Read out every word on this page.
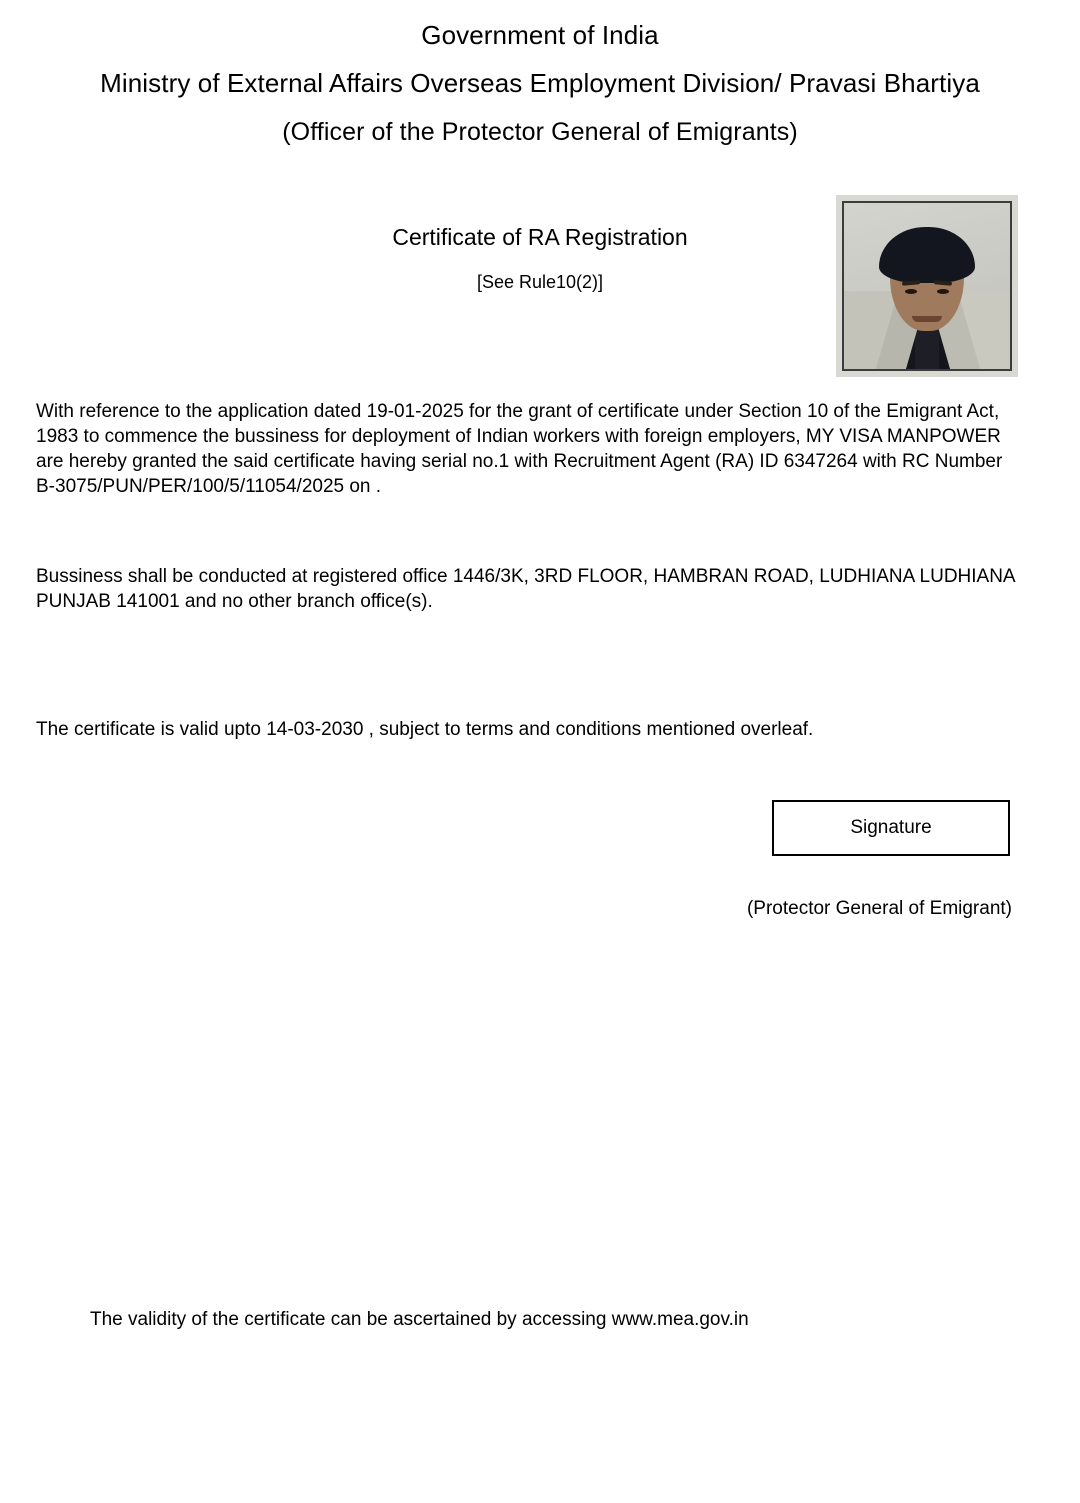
Government of India
Ministry of External Affairs Overseas Employment Division/ Pravasi Bhartiya
(Officer of the Protector General of Emigrants)
Certificate of RA Registration
[See Rule10(2)]
With reference to the application dated 19-01-2025 for the grant of certificate under Section 10 of the Emigrant Act, 1983 to commence the bussiness for deployment of Indian workers with foreign employers, MY VISA MANPOWER are hereby granted the said certificate having serial no.1 with Recruitment Agent (RA) ID 6347264 with RC Number B-3075/PUN/PER/100/5/11054/2025 on .
Bussiness shall be conducted at registered office 1446/3K, 3RD FLOOR, HAMBRAN ROAD, LUDHIANA LUDHIANA PUNJAB 141001 and no other branch office(s).
The certificate is valid upto 14-03-2030 , subject to terms and conditions mentioned overleaf.
Signature
(Protector General of Emigrant)
The validity of the certificate can be ascertained by accessing www.mea.gov.in
